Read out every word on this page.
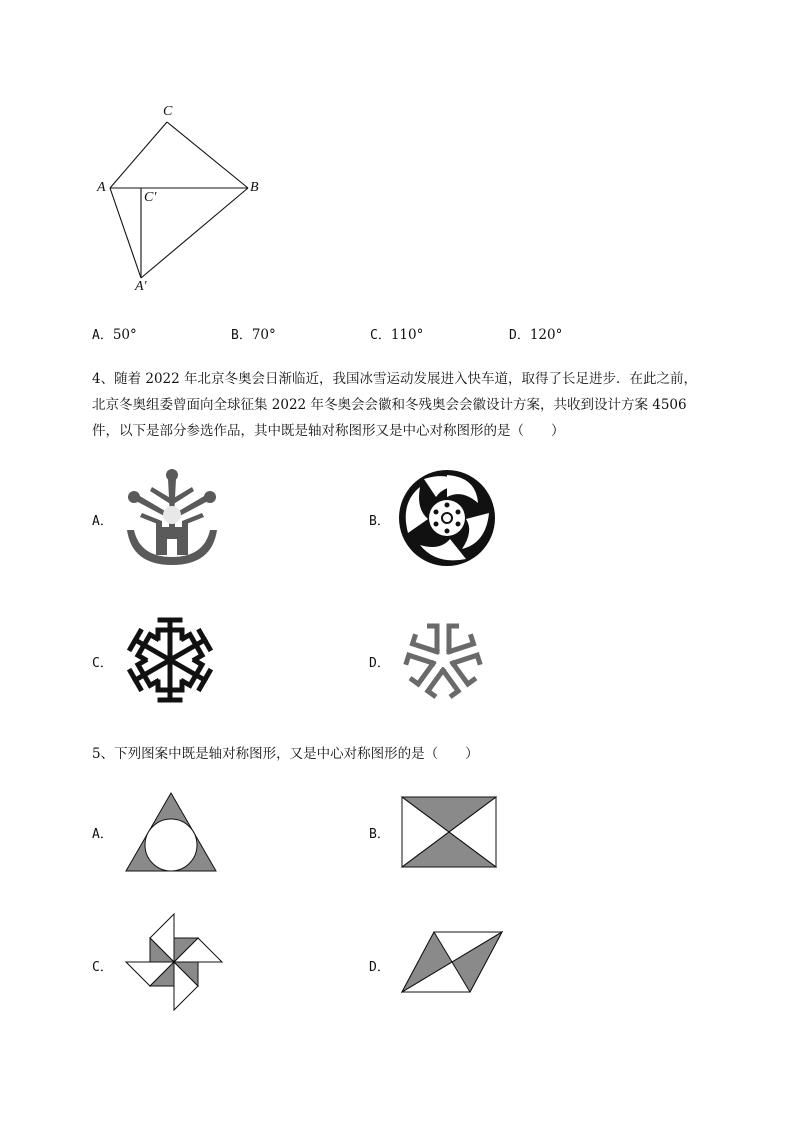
C
A	B
C′
A′
A．50°	B．70°	C．110°	D．120°
4、随着 2022 年北京冬奥会日渐临近，我国冰雪运动发展进入快车道，取得了长足进步．在此之前，
北京冬奥组委曾面向全球征集 2022 年冬奥会会徽和冬残奥会会徽设计方案，共收到设计方案 4506
件，以下是部分参选作品，其中既是轴对称图形又是中心对称图形的是（　　）
A．	B．
C．	D．
5、下列图案中既是轴对称图形，又是中心对称图形的是（　　）
A．	B．
C．	D．
